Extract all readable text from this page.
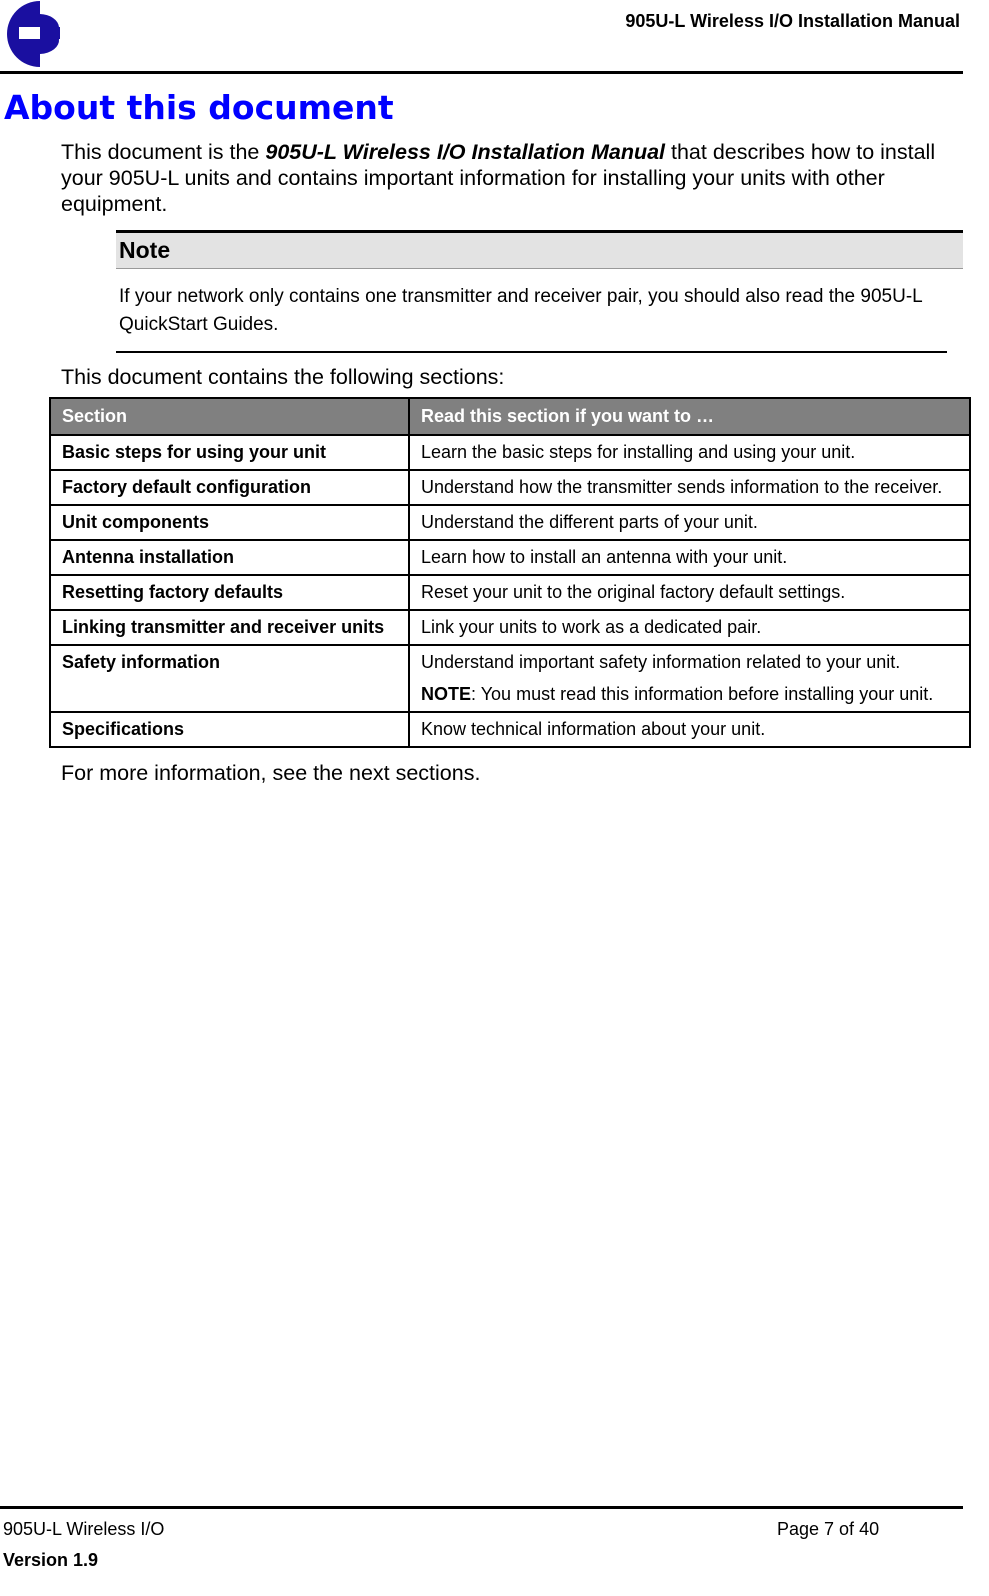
905U-L Wireless I/O Installation Manual
About this document
This document is the 905U-L Wireless I/O Installation Manual that describes how to install your 905U-L units and contains important information for installing your units with other equipment.
Note
If your network only contains one transmitter and receiver pair, you should also read the 905U-L QuickStart Guides.
This document contains the following sections:
Section	Read this section if you want to …
Basic steps for using your unit	Learn the basic steps for installing and using your unit.
Factory default configuration	Understand how the transmitter sends information to the receiver.
Unit components	Understand the different parts of your unit.
Antenna installation	Learn how to install an antenna with your unit.
Resetting factory defaults	Reset your unit to the original factory default settings.
Linking transmitter and receiver units	Link your units to work as a dedicated pair.
Safety information	Understand important safety information related to your unit.

NOTE: You must read this information before installing your unit.

Specifications	Know technical information about your unit.
For more information, see the next sections.
905U-L Wireless I/O
Version 1.9
Page 7 of 40
